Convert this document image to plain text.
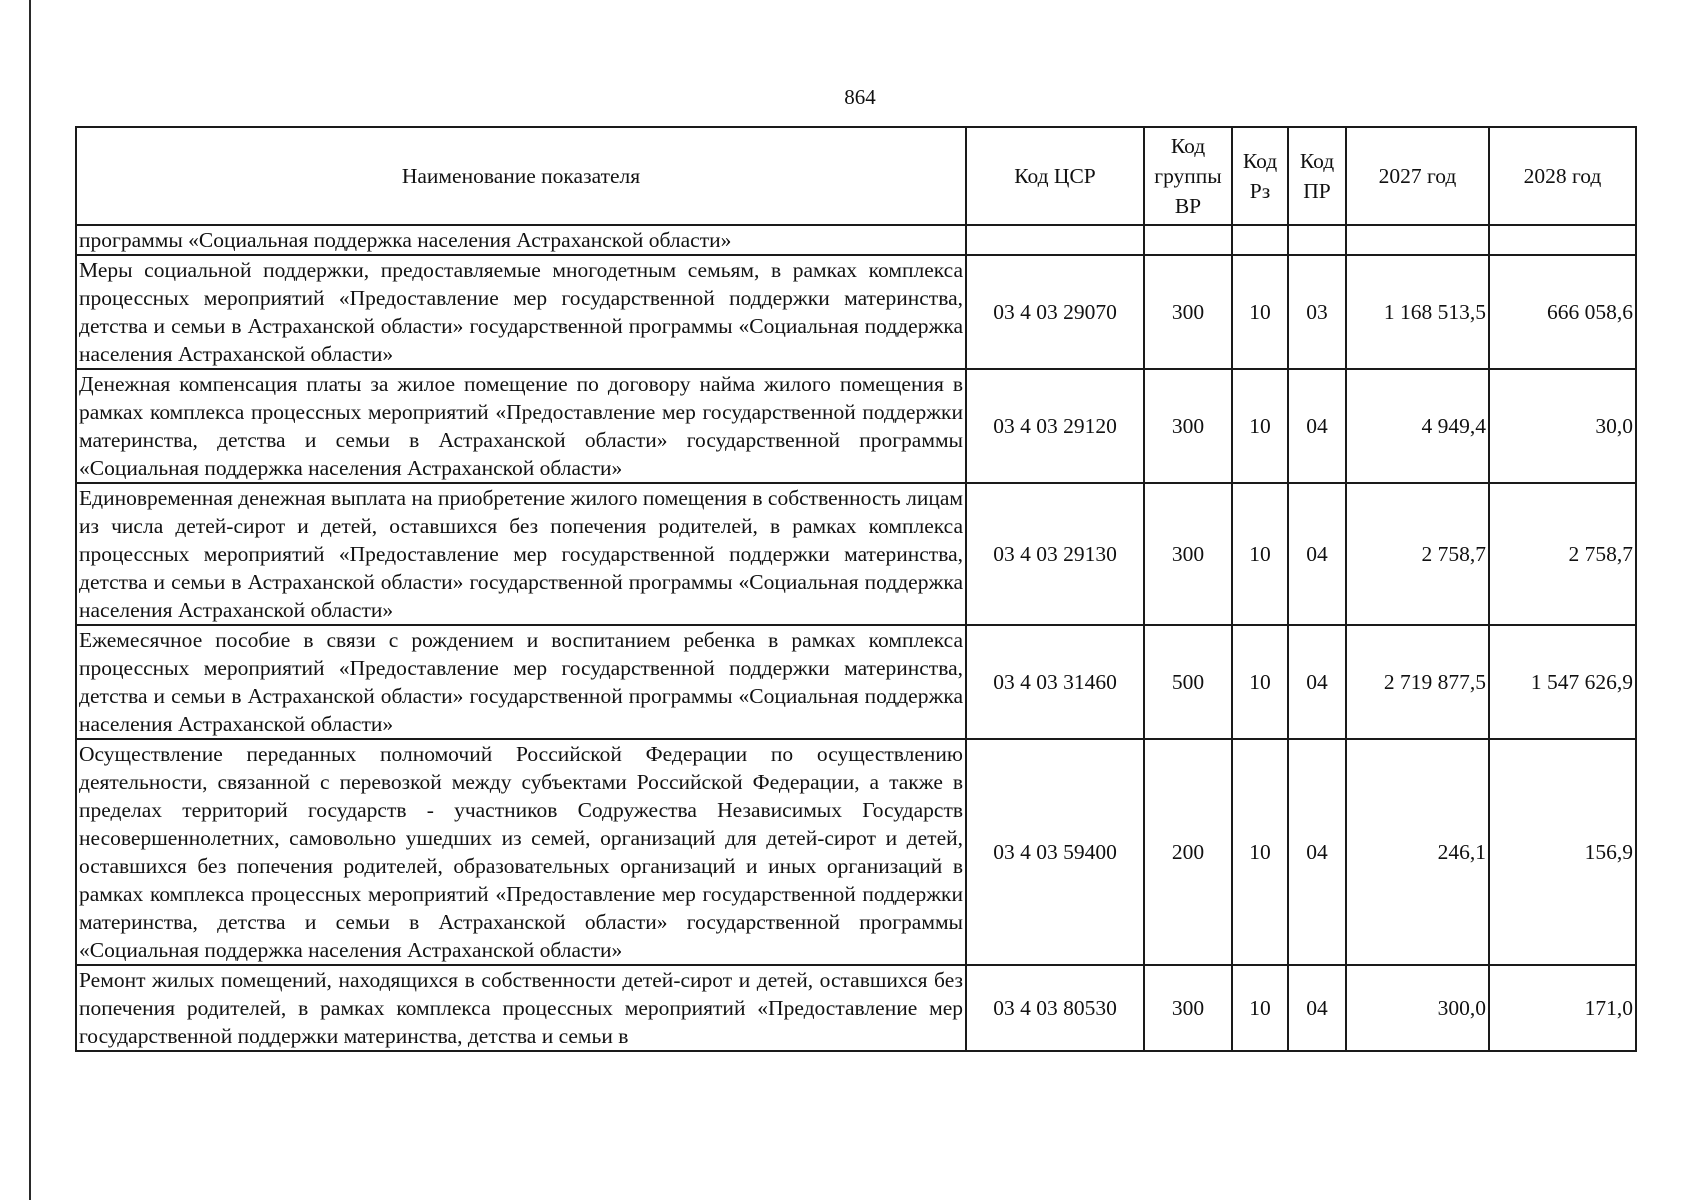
864
Наименование показателя	Код ЦСР	Код группы ВР	Код Рз	Код ПР	2027 год	2028 год
программы «Социальная поддержка населения Астраханской области»						
Меры социальной поддержки, предоставляемые многодетным семьям, в рамках комплекса процессных мероприятий «Предоставление мер государственной поддержки материнства, детства и семьи в Астраханской области» государственной программы «Социальная поддержка населения Астраханской области»	03 4 03 29070	300	10	03	1 168 513,5	666 058,6
Денежная компенсация платы за жилое помещение по договору найма жилого помещения в рамках комплекса процессных мероприятий «Предоставление мер государственной поддержки материнства, детства и семьи в Астраханской области» государственной программы «Социальная поддержка населения Астраханской области»	03 4 03 29120	300	10	04	4 949,4	30,0
Единовременная денежная выплата на приобретение жилого помещения в собственность лицам из числа детей-сирот и детей, оставшихся без попечения родителей, в рамках комплекса процессных мероприятий «Предоставление мер государственной поддержки материнства, детства и семьи в Астраханской области» государственной программы «Социальная поддержка населения Астраханской области»	03 4 03 29130	300	10	04	2 758,7	2 758,7
Ежемесячное пособие в связи с рождением и воспитанием ребенка в рамках комплекса процессных мероприятий «Предоставление мер государственной поддержки материнства, детства и семьи в Астраханской области» государственной программы «Социальная поддержка населения Астраханской области»	03 4 03 31460	500	10	04	2 719 877,5	1 547 626,9
Осуществление переданных полномочий Российской Федерации по осуществлению деятельности, связанной с перевозкой между субъектами Российской Федерации, а также в пределах территорий государств - участников Содружества Независимых Государств несовершеннолетних, самовольно ушедших из семей, организаций для детей-сирот и детей, оставшихся без попечения родителей, образовательных организаций и иных организаций в рамках комплекса процессных мероприятий «Предоставление мер государственной поддержки материнства, детства и семьи в Астраханской области» государственной программы «Социальная поддержка населения Астраханской области»	03 4 03 59400	200	10	04	246,1	156,9
Ремонт жилых помещений, находящихся в собственности детей-сирот и детей, оставшихся без попечения родителей, в рамках комплекса процессных мероприятий «Предоставление мер государственной поддержки материнства, детства и семьи в	03 4 03 80530	300	10	04	300,0	171,0
